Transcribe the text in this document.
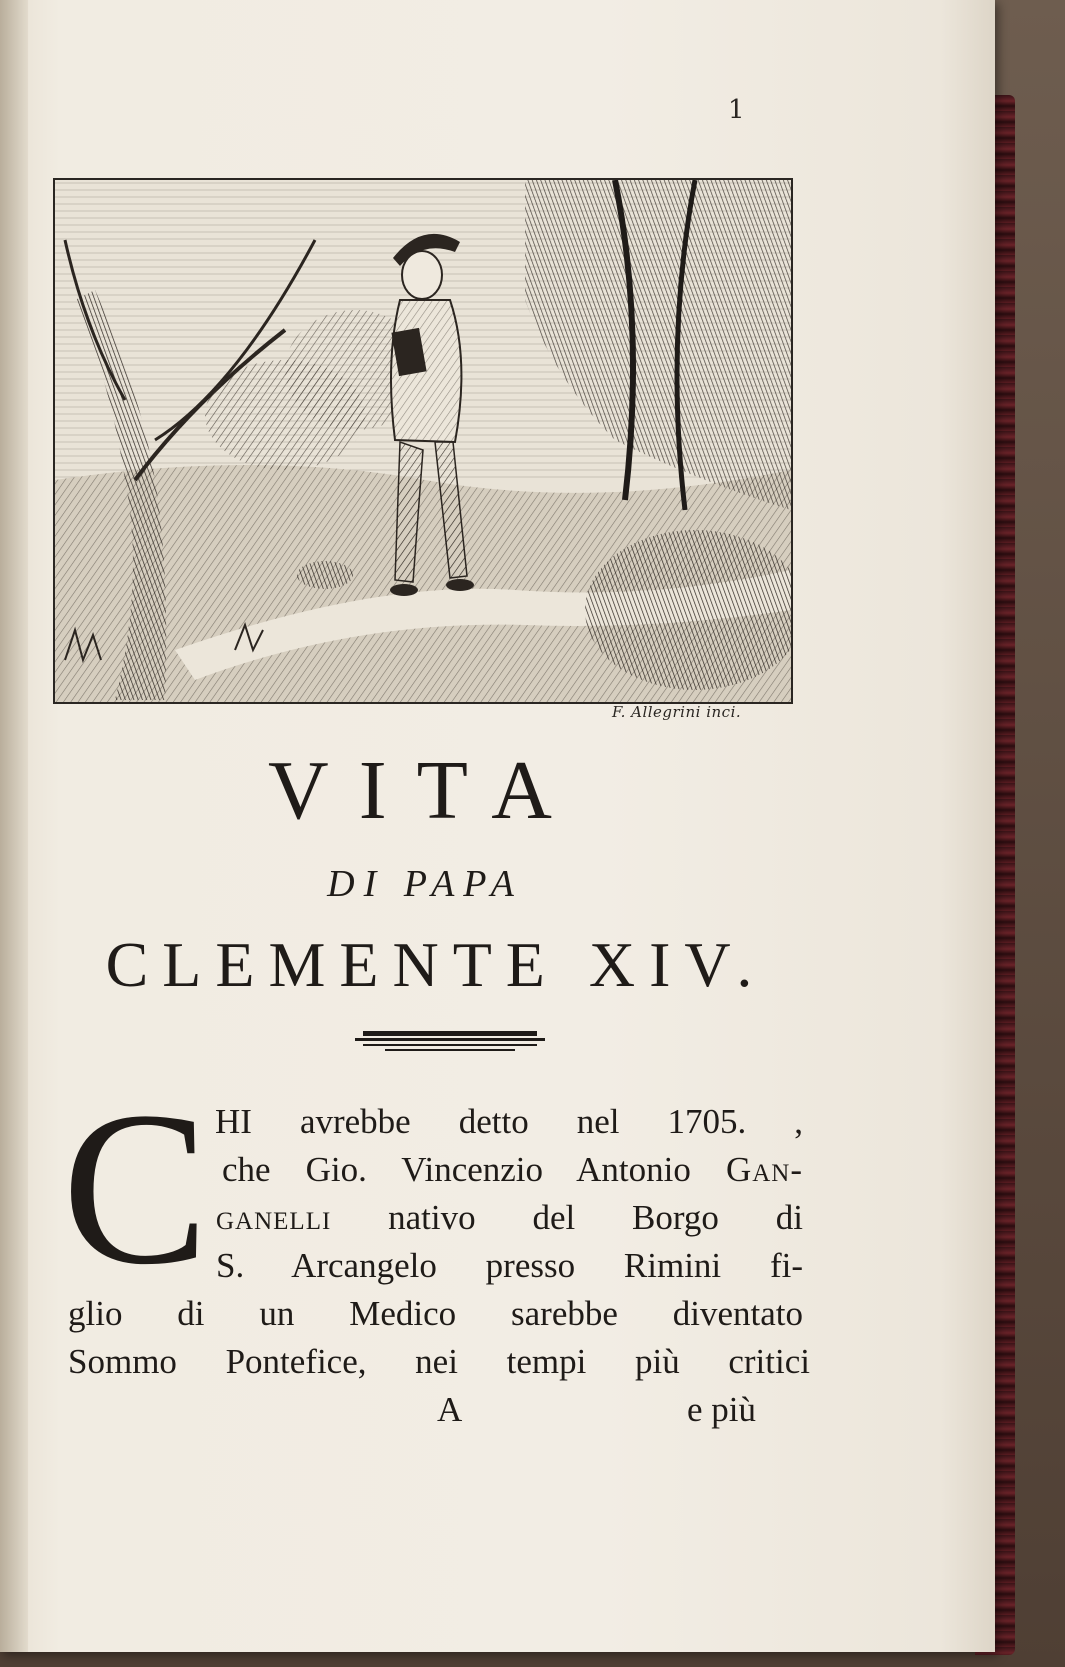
1
F. Allegrini inci.
VITA
DI PAPA
CLEMENTE XIV.
C HI avrebbe detto nel 1705. ,
che Gio. Vincenzio Antonio Gan-
ganelli nativo del Borgo di
S. Arcangelo presso Rimini fi-
glio di un Medico sarebbe diventato
Sommo Pontefice, nei tempi più critici
A	e più
